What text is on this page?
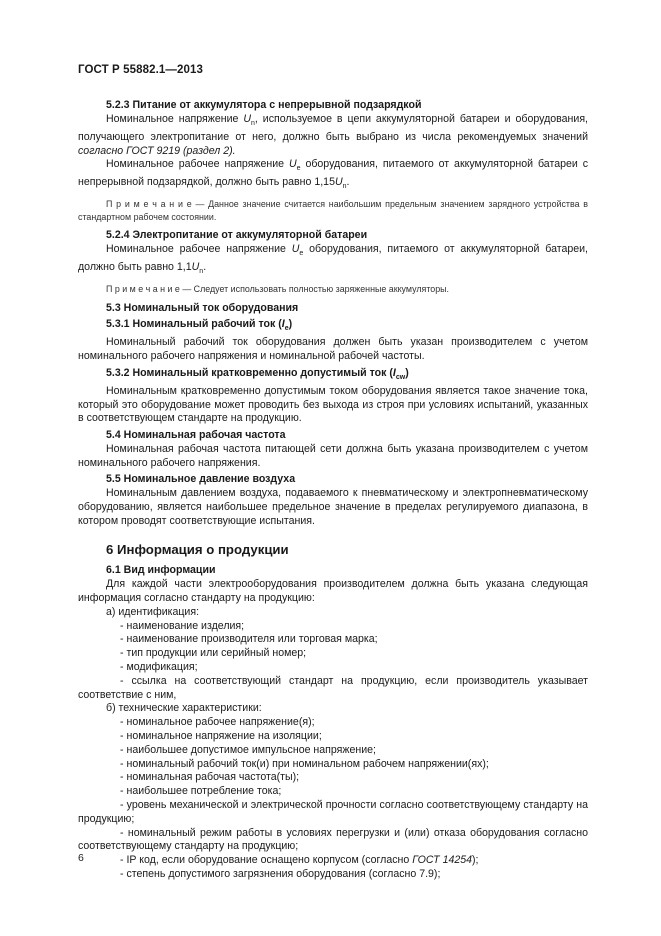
ГОСТ Р 55882.1—2013
5.2.3 Питание от аккумулятора с непрерывной подзарядкой
Номинальное напряжение $U_n$, используемое в цепи аккумуляторной батареи и оборудования, получающего электропитание от него, должно быть выбрано из числа рекомендуемых значений согласно ГОСТ 9219 (раздел 2).
Номинальное рабочее напряжение $U_e$ оборудования, питаемого от аккумуляторной батареи с непрерывной подзарядкой, должно быть равно $1,15U_n$.
П р и м е ч а н и е — Данное значение считается наибольшим предельным значением зарядного устройства в стандартном рабочем состоянии.
5.2.4 Электропитание от аккумуляторной батареи
Номинальное рабочее напряжение $U_e$ оборудования, питаемого от аккумуляторной батареи, должно быть равно $1,1U_n$.
П р и м е ч а н и е — Следует использовать полностью заряженные аккумуляторы.
5.3 Номинальный ток оборудования
5.3.1 Номинальный рабочий ток $(I_e)$
Номинальный рабочий ток оборудования должен быть указан производителем с учетом номинального рабочего напряжения и номинальной рабочей частоты.
5.3.2 Номинальный кратковременно допустимый ток $(I_{cw})$
Номинальным кратковременно допустимым током оборудования является такое значение тока, который это оборудование может проводить без выхода из строя при условиях испытаний, указанных в соответствующем стандарте на продукцию.
5.4 Номинальная рабочая частота
Номинальная рабочая частота питающей сети должна быть указана производителем с учетом номинального рабочего напряжения.
5.5 Номинальное давление воздуха
Номинальным давлением воздуха, подаваемого к пневматическому и электропневматическому оборудованию, является наибольшее предельное значение в пределах регулируемого диапазона, в котором проводят соответствующие испытания.
6 Информация о продукции
6.1 Вид информации
Для каждой части электрооборудования производителем должна быть указана следующая информация согласно стандарту на продукцию:
а) идентификация:
- наименование изделия;
- наименование производителя или торговая марка;
- тип продукции или серийный номер;
- модификация;
- ссылка на соответствующий стандарт на продукцию, если производитель указывает соответствие с ним,
б) технические характеристики:
- номинальное рабочее напряжение(я);
- номинальное напряжение на изоляции;
- наибольшее допустимое импульсное напряжение;
- номинальный рабочий ток(и) при номинальном рабочем напряжении(ях);
- номинальная рабочая частота(ты);
- наибольшее потребление тока;
- уровень механической и электрической прочности согласно соответствующему стандарту на продукцию;
- номинальный режим работы в условиях перегрузки и (или) отказа оборудования согласно соответствующему стандарту на продукцию;
- IP код, если оборудование оснащено корпусом (согласно ГОСТ 14254);
- степень допустимого загрязнения оборудования (согласно 7.9);
6
